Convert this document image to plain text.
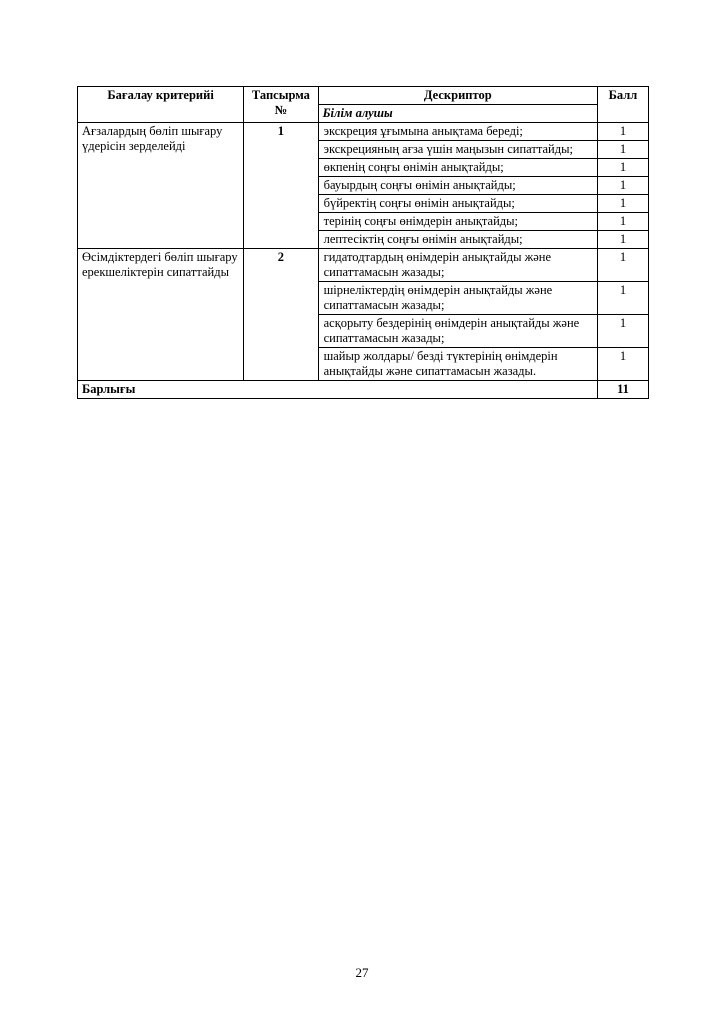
Бағалау критерийі	Тапсырма №	Дескриптор	Балл
		Білім алушы	
Ағзалардың бөліп шығару үдерісін зерделейді	1	экскреция ұғымына анықтама береді;	1
		экскрецияның ағза үшін маңызын сипаттайды;	1
		өкпенің соңғы өнімін анықтайды;	1
		бауырдың соңғы өнімін анықтайды;	1
		бүйректің соңғы өнімін анықтайды;	1
		терінің соңғы өнімдерін анықтайды;	1
		лептесіктің соңғы өнімін анықтайды;	1
Өсімдіктердегі бөліп шығару ерекшеліктерін сипаттайды	2	гидатодтардың өнімдерін анықтайды және сипаттамасын жазады;	1
		шірнеліктердің өнімдерін анықтайды және сипаттамасын жазады;	1
		асқорыту бездерінің өнімдерін анықтайды және сипаттамасын жазады;	1
		шайыр жолдары/ безді түктерінің өнімдерін анықтайды және сипаттамасын жазады.	1
Барлығы			11
27
